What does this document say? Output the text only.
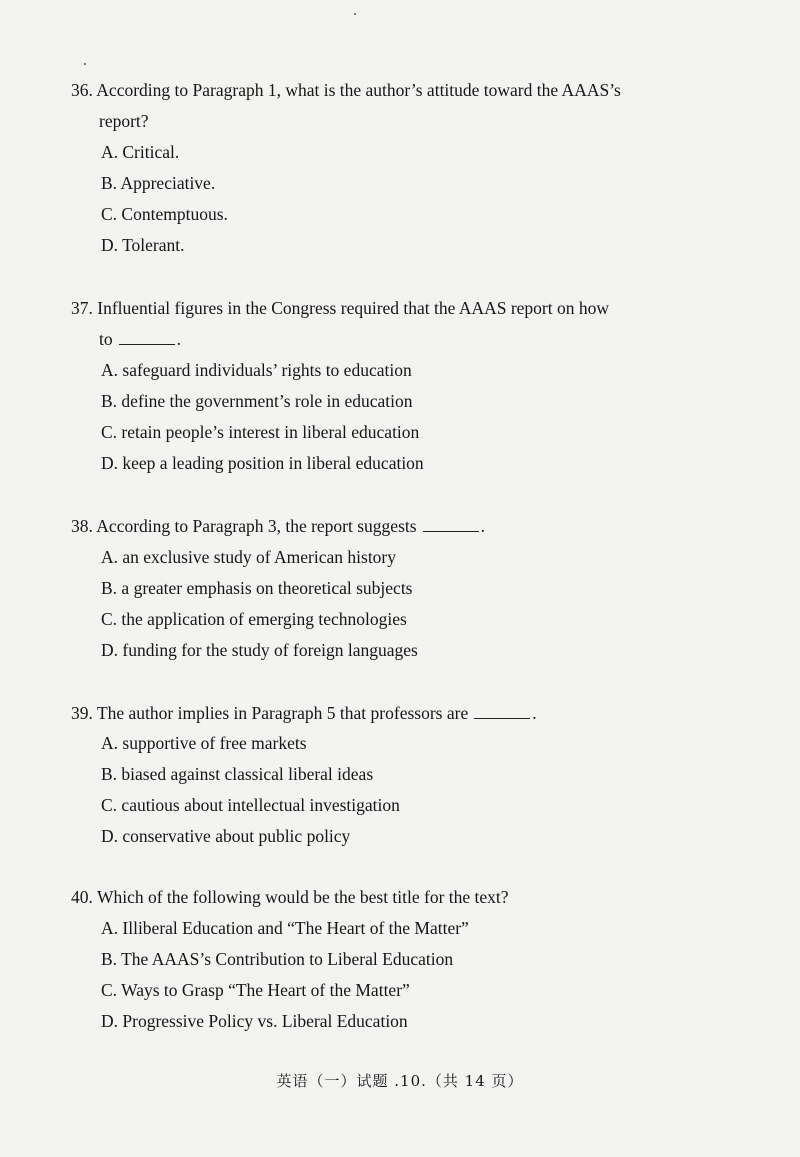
36. According to Paragraph 1, what is the author’s attitude toward the AAAS’s
report?
A. Critical.
B. Appreciative.
C. Contemptuous.
D. Tolerant.
37. Influential figures in the Congress required that the AAAS report on how
to	.
A. safeguard individuals’ rights to education
B. define the government’s role in education
C. retain people’s interest in liberal education
D. keep a leading position in liberal education
38. According to Paragraph 3, the report suggests	.
A. an exclusive study of American history
B. a greater emphasis on theoretical subjects
C. the application of emerging technologies
D. funding for the study of foreign languages
39. The author implies in Paragraph 5 that professors are	.
A. supportive of free markets
B. biased against classical liberal ideas
C. cautious about intellectual investigation
D. conservative about public policy
40. Which of the following would be the best title for the text?
A. Illiberal Education and “The Heart of the Matter”
B. The AAAS’s Contribution to Liberal Education
C. Ways to Grasp “The Heart of the Matter”
D. Progressive Policy vs. Liberal Education
英语（一）试题 .10.（共 14 页）
